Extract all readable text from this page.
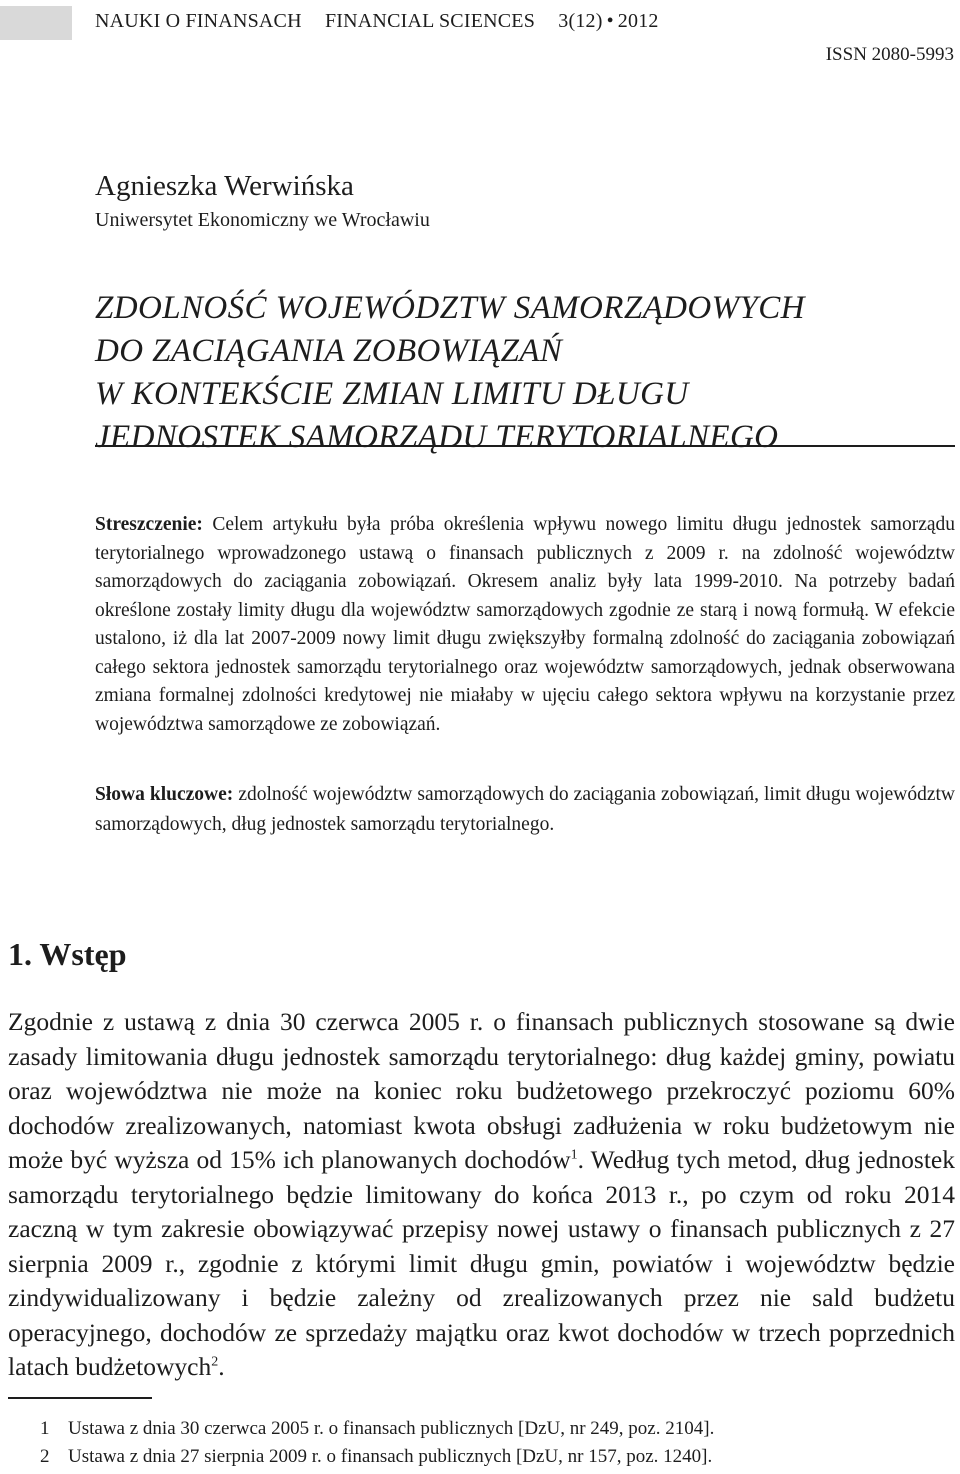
NAUKI O FINANSACH FINANCIAL SCIENCES 3(12) • 2012
ISSN 2080-5993
Agnieszka Werwińska
Uniwersytet Ekonomiczny we Wrocławiu
ZDOLNOŚĆ WOJEWÓDZTW SAMORZĄDOWYCH
DO ZACIĄGANIA ZOBOWIĄZAŃ
W KONTEKŚCIE ZMIAN LIMITU DŁUGU
JEDNOSTEK SAMORZĄDU TERYTORIALNEGO
Streszczenie: Celem artykułu była próba określenia wpływu nowego limitu długu jednostek samorządu terytorialnego wprowadzonego ustawą o finansach publicznych z 2009 r. na zdolność województw samorządowych do zaciągania zobowiązań. Okresem analiz były lata 1999-2010. Na potrzeby badań określone zostały limity długu dla województw samorządowych zgodnie ze starą i nową formułą. W efekcie ustalono, iż dla lat 2007-2009 nowy limit długu zwiększyłby formalną zdolność do zaciągania zobowiązań całego sektora jednostek samorządu terytorialnego oraz województw samorządowych, jednak obserwowana zmiana formalnej zdolności kredytowej nie miałaby w ujęciu całego sektora wpływu na korzystanie przez województwa samorządowe ze zobowiązań.
Słowa kluczowe: zdolność województw samorządowych do zaciągania zobowiązań, limit długu województw samorządowych, dług jednostek samorządu terytorialnego.
1. Wstęp
Zgodnie z ustawą z dnia 30 czerwca 2005 r. o finansach publicznych stosowane są dwie zasady limitowania długu jednostek samorządu terytorialnego: dług każdej gminy, powiatu oraz województwa nie może na koniec roku budżetowego przekroczyć poziomu 60% dochodów zrealizowanych, natomiast kwota obsługi zadłużenia w roku budżetowym nie może być wyższa od 15% ich planowanych dochodów$^1$. Według tych metod, dług jednostek samorządu terytorialnego będzie limitowany do końca 2013 r., po czym od roku 2014 zaczną w tym zakresie obowiązywać przepisy nowej ustawy o finansach publicznych z 27 sierpnia 2009 r., zgodnie z którymi limit długu gmin, powiatów i województw będzie zindywidualizowany i będzie zależny od zrealizowanych przez nie sald budżetu operacyjnego, dochodów ze sprzedaży majątku oraz kwot dochodów w trzech poprzednich latach budżetowych$^2$.
1 Ustawa z dnia 30 czerwca 2005 r. o finansach publicznych [DzU, nr 249, poz. 2104].
2 Ustawa z dnia 27 sierpnia 2009 r. o finansach publicznych [DzU, nr 157, poz. 1240].
